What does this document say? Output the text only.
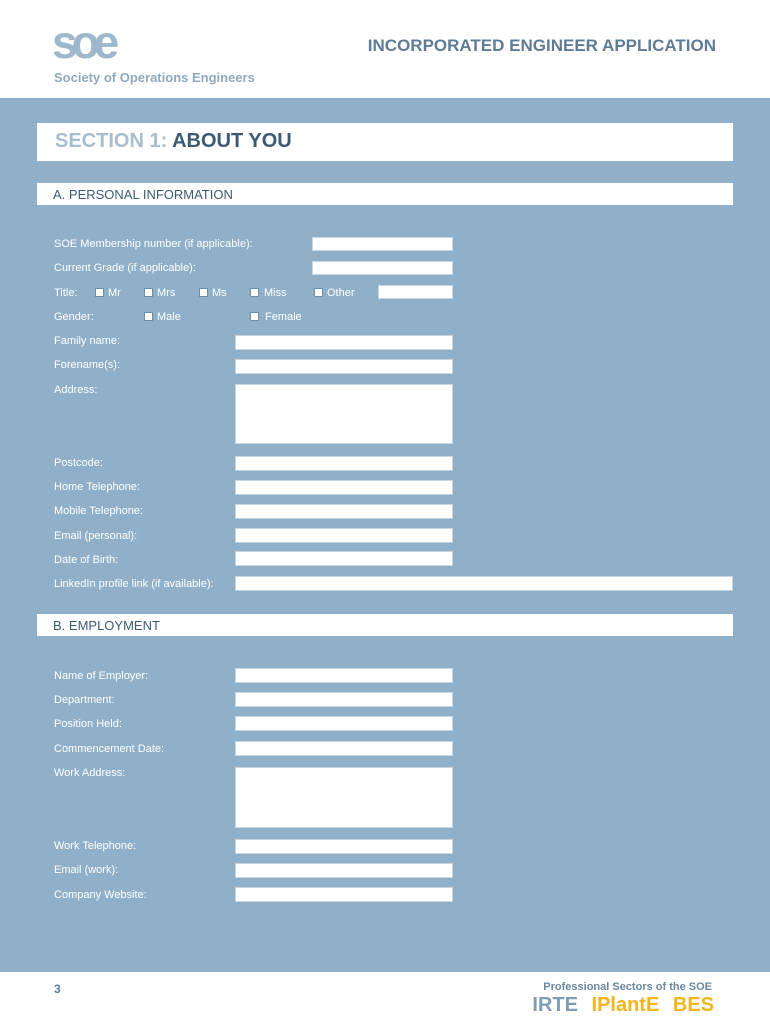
soe
Society of Operations Engineers
INCORPORATED ENGINEER APPLICATION
SECTION 1: ABOUT YOU
A. PERSONAL INFORMATION
SOE Membership number (if applicable):
Current Grade (if applicable):
Title:	Mr	Mrs	Ms	Miss	Other
Gender:	Male	Female
Family name:
Forename(s):
Address:
Postcode:
Home Telephone:
Mobile Telephone:
Email (personal):
Date of Birth:
LinkedIn profile link (if available):
B. EMPLOYMENT
Name of Employer:
Department:
Position Held:
Commencement Date:
Work Address:
Work Telephone:
Email (work):
Company Website:
3	Professional Sectors of the SOE
IRTE IPlantE BES
